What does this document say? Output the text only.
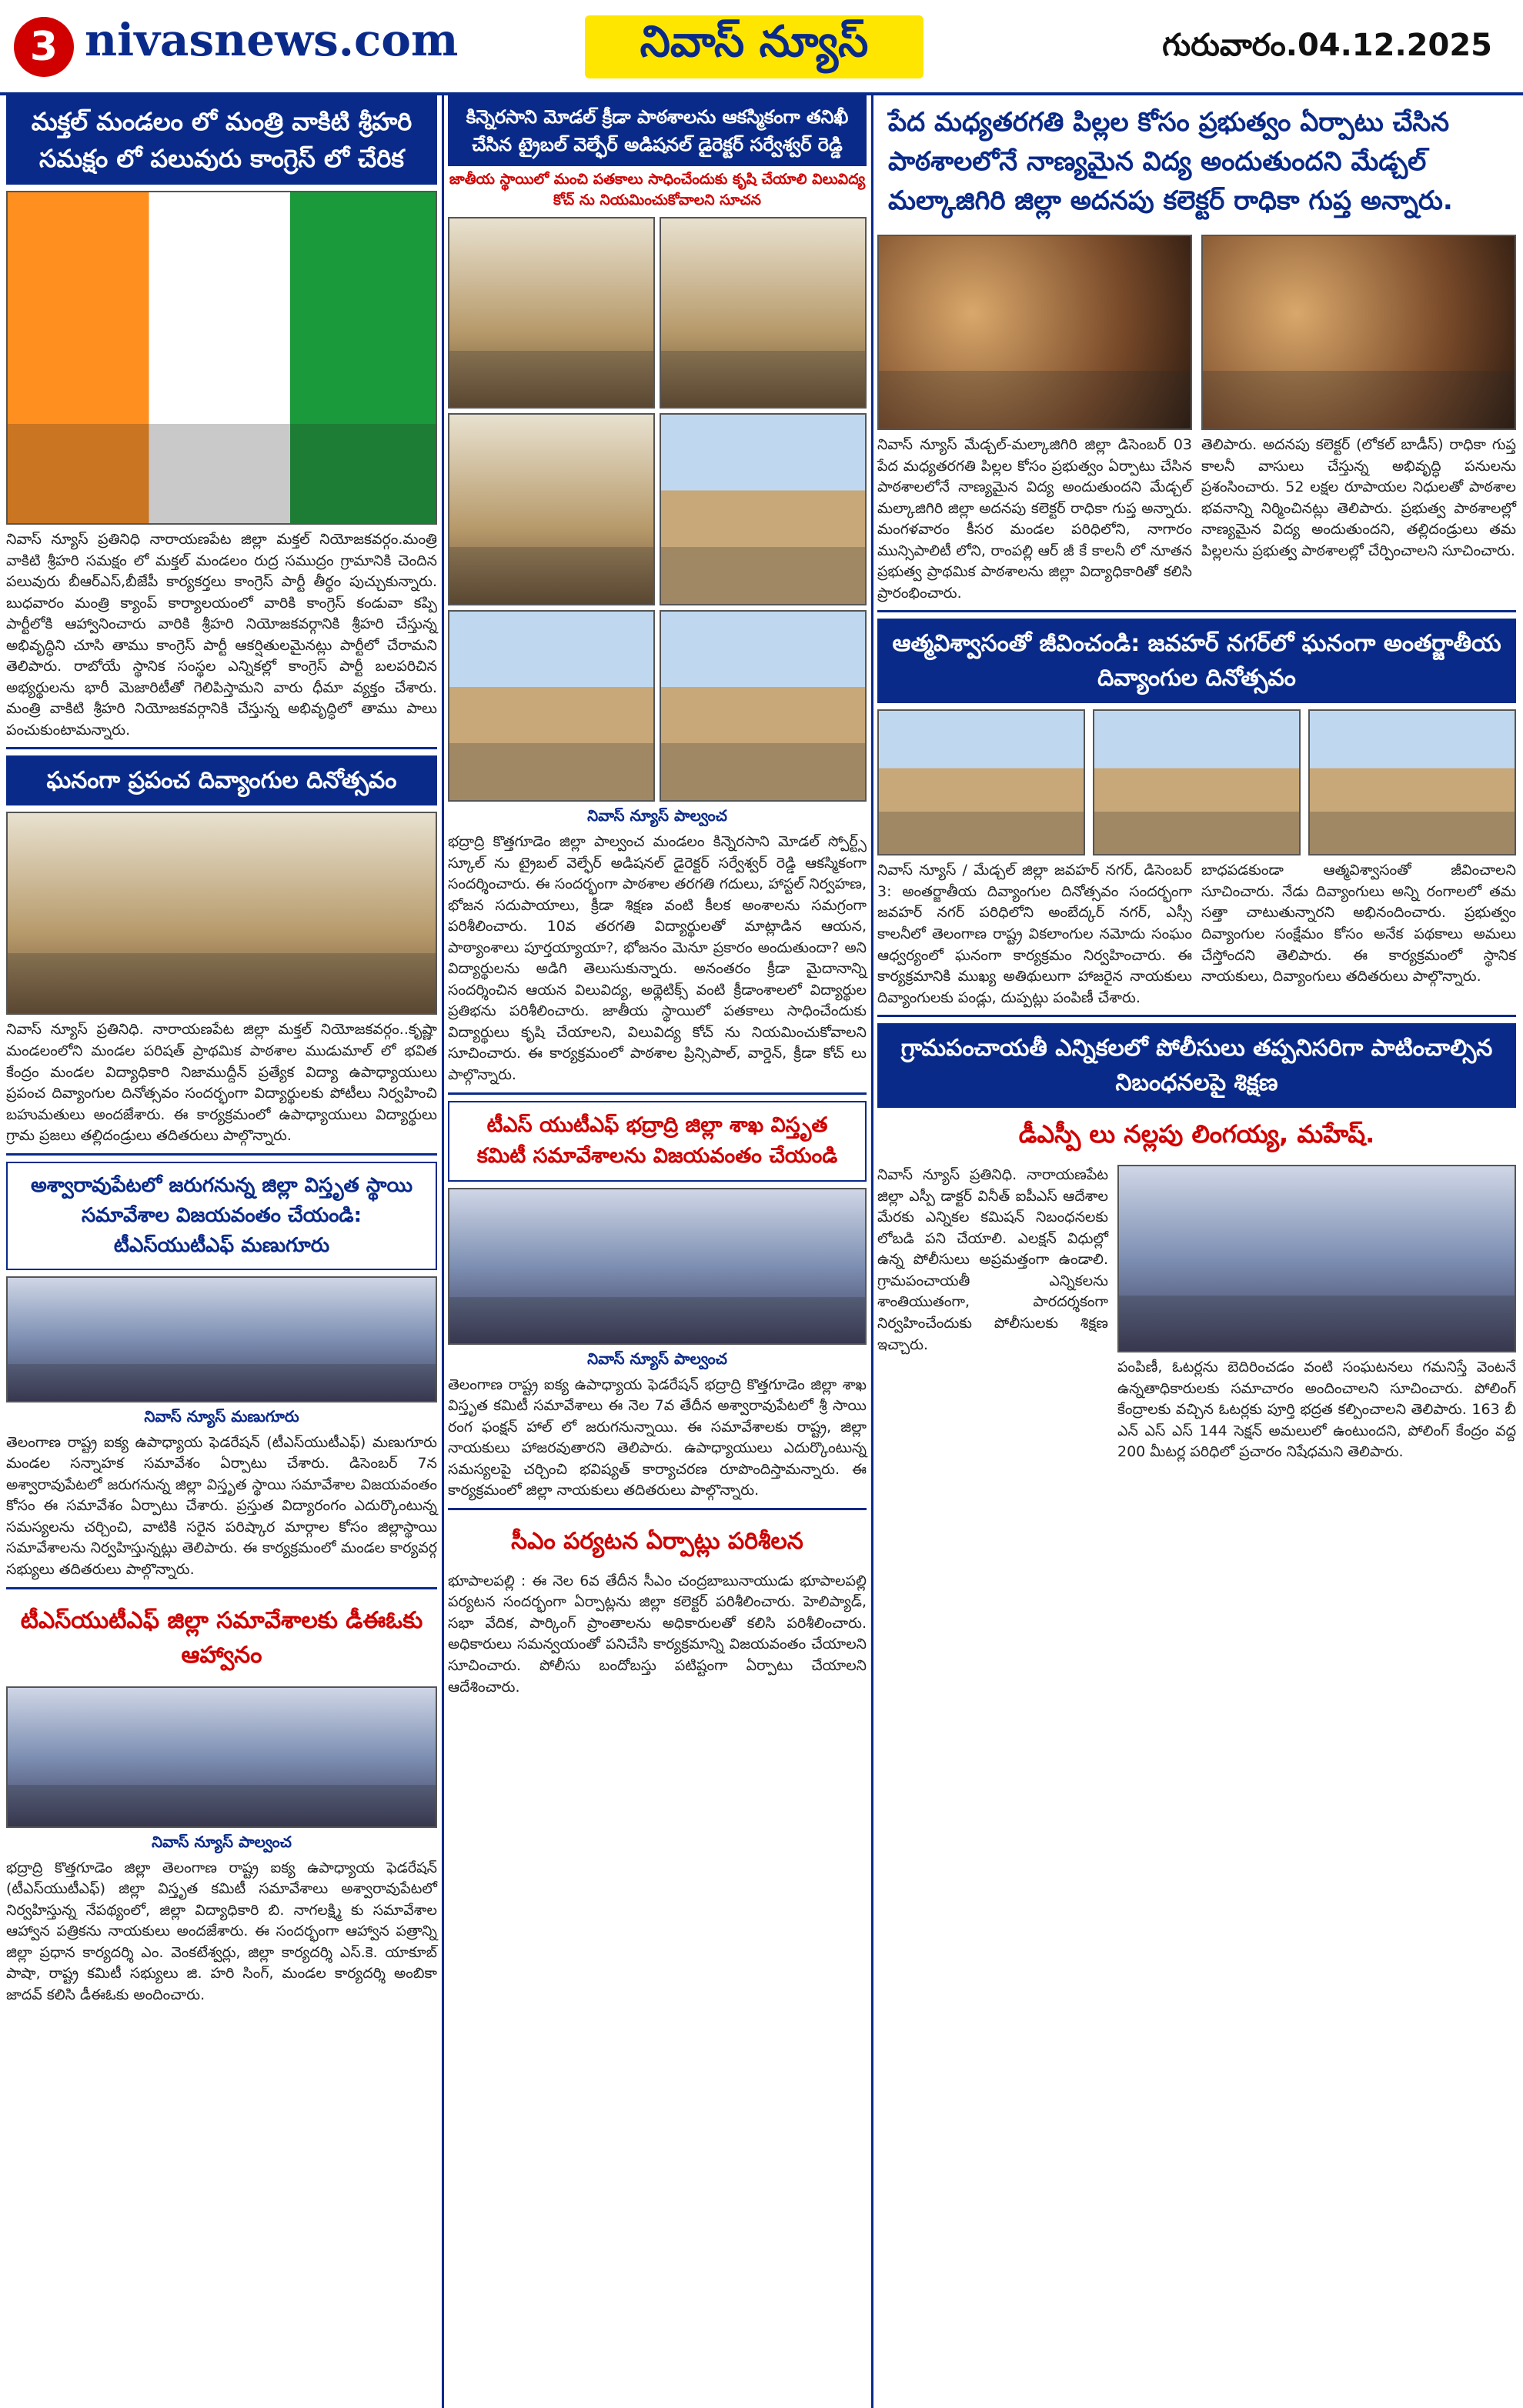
3 nivasnews.com	నివాస్ న్యూస్	గురువారం.04.12.2025
మక్తల్ మండలం లో మంత్రి వాకిటి శ్రీహరి సమక్షం లో పలువురు కాంగ్రెస్ లో చేరిక
నివాస్ న్యూస్ ప్రతినిధి నారాయణపేట జిల్లా మక్తల్ నియోజకవర్గం.మంత్రి వాకిటి శ్రీహరి సమక్షం లో మక్తల్ మండలం రుద్ర సముద్రం గ్రామానికి చెందిన పలువురు బీఆర్ఎస్,బీజేపీ కార్యకర్తలు కాంగ్రెస్ పార్టీ తీర్థం పుచ్చుకున్నారు. బుధవారం మంత్రి క్యాంప్ కార్యాలయంలో వారికి కాంగ్రెస్ కండువా కప్పి పార్టీలోకి ఆహ్వానించారు వారికి శ్రీహరి నియోజకవర్గానికి శ్రీహరి చేస్తున్న అభివృద్ధిని చూసి తాము కాంగ్రెస్ పార్టీ ఆకర్షితులమైనట్లు పార్టీలో చేరామని తెలిపారు. రాబోయే స్థానిక సంస్థల ఎన్నికల్లో కాంగ్రెస్ పార్టీ బలపరిచిన అభ్యర్థులను భారీ మెజారిటీతో గెలిపిస్తామని వారు ధీమా వ్యక్తం చేశారు. మంత్రి వాకిటి శ్రీహరి నియోజకవర్గానికి చేస్తున్న అభివృద్ధిలో తాము పాలు పంచుకుంటామన్నారు.
ఘనంగా ప్రపంచ దివ్యాంగుల దినోత్సవం
నివాస్ న్యూస్ ప్రతినిధి. నారాయణపేట జిల్లా మక్తల్ నియోజకవర్గం..కృష్ణా మండలంలోని మండల పరిషత్ ప్రాథమిక పాఠశాల ముడుమాల్ లో భవిత కేంద్రం మండల విద్యాధికారి నిజాముద్దీన్ ప్రత్యేక విద్యా ఉపాధ్యాయులు ప్రపంచ దివ్యాంగుల దినోత్సవం సందర్భంగా విద్యార్థులకు పోటీలు నిర్వహించి బహుమతులు అందజేశారు. ఈ కార్యక్రమంలో ఉపాధ్యాయులు విద్యార్థులు గ్రామ ప్రజలు తల్లిదండ్రులు తదితరులు పాల్గొన్నారు.
అశ్వారావుపేటలో జరుగనున్న జిల్లా విస్తృత స్థాయి సమావేశాల విజయవంతం చేయండి: టీఎస్‌యుటీఎఫ్ మణుగూరు
నివాస్ న్యూస్ మణుగూరు
తెలంగాణ రాష్ట్ర ఐక్య ఉపాధ్యాయ ఫెడరేషన్ (టీఎస్‌యుటీఎఫ్) మణుగూరు మండల సన్నాహక సమావేశం ఏర్పాటు చేశారు. డిసెంబర్ 7న అశ్వారావుపేటలో జరుగనున్న జిల్లా విస్తృత స్థాయి సమావేశాల విజయవంతం కోసం ఈ సమావేశం ఏర్పాటు చేశారు. ప్రస్తుత విద్యారంగం ఎదుర్కొంటున్న సమస్యలను చర్చించి, వాటికి సరైన పరిష్కార మార్గాల కోసం జిల్లాస్థాయి సమావేశాలను నిర్వహిస్తున్నట్లు తెలిపారు. ఈ కార్యక్రమంలో మండల కార్యవర్గ సభ్యులు తదితరులు పాల్గొన్నారు.
టీఎస్‌యుటీఎఫ్ జిల్లా సమావేశాలకు డీఈఓకు ఆహ్వానం
నివాస్ న్యూస్ పాల్వంచ
భద్రాద్రి కొత్తగూడెం జిల్లా తెలంగాణ రాష్ట్ర ఐక్య ఉపాధ్యాయ ఫెడరేషన్ (టీఎస్‌యుటీఎఫ్) జిల్లా విస్తృత కమిటీ సమావేశాలు అశ్వారావుపేటలో నిర్వహిస్తున్న నేపథ్యంలో, జిల్లా విద్యాధికారి బి. నాగలక్ష్మి కు సమావేశాల ఆహ్వాన పత్రికను నాయకులు అందజేశారు. ఈ సందర్భంగా ఆహ్వాన పత్రాన్ని జిల్లా ప్రధాన కార్యదర్శి ఎం. వెంకటేశ్వర్లు, జిల్లా కార్యదర్శి ఎస్.కె. యాకూబ్ పాషా, రాష్ట్ర కమిటీ సభ్యులు జి. హరి సింగ్, మండల కార్యదర్శి అంబికా జాదవ్ కలిసి డీఈఓకు అందించారు.
కిన్నెరసాని మోడల్ క్రీడా పాఠశాలను ఆకస్మికంగా తనిఖీ చేసిన ట్రైబల్ వెల్ఫేర్ అడిషనల్ డైరెక్టర్ సర్వేశ్వర్ రెడ్డి
జాతీయ స్థాయిలో మంచి పతకాలు సాధించేందుకు కృషి చేయాలి విలువిద్య కోచ్ ను నియమించుకోవాలని సూచన
నివాస్ న్యూస్ పాల్వంచ
భద్రాద్రి కొత్తగూడెం జిల్లా పాల్వంచ మండలం కిన్నెరసాని మోడల్ స్పోర్ట్స్ స్కూల్ ను ట్రైబల్ వెల్ఫేర్ అడిషనల్ డైరెక్టర్ సర్వేశ్వర్ రెడ్డి ఆకస్మికంగా సందర్శించారు. ఈ సందర్భంగా పాఠశాల తరగతి గదులు, హాస్టల్ నిర్వహణ, భోజన సదుపాయాలు, క్రీడా శిక్షణ వంటి కీలక అంశాలను సమగ్రంగా పరిశీలించారు. 10వ తరగతి విద్యార్థులతో మాట్లాడిన ఆయన, పాఠ్యాంశాలు పూర్తయ్యాయా?, భోజనం మెనూ ప్రకారం అందుతుందా? అని విద్యార్థులను అడిగి తెలుసుకున్నారు. అనంతరం క్రీడా మైదానాన్ని సందర్శించిన ఆయన విలువిద్య, అథ్లెటిక్స్ వంటి క్రీడాంశాలలో విద్యార్థుల ప్రతిభను పరిశీలించారు. జాతీయ స్థాయిలో పతకాలు సాధించేందుకు విద్యార్థులు కృషి చేయాలని, విలువిద్య కోచ్ ను నియమించుకోవాలని సూచించారు. ఈ కార్యక్రమంలో పాఠశాల ప్రిన్సిపాల్, వార్డెన్, క్రీడా కోచ్ లు పాల్గొన్నారు.
టీఎస్ యుటీఎఫ్ భద్రాద్రి జిల్లా శాఖ విస్తృత కమిటీ సమావేశాలను విజయవంతం చేయండి
నివాస్ న్యూస్ పాల్వంచ
తెలంగాణ రాష్ట్ర ఐక్య ఉపాధ్యాయ ఫెడరేషన్ భద్రాద్రి కొత్తగూడెం జిల్లా శాఖ విస్తృత కమిటీ సమావేశాలు ఈ నెల 7వ తేదీన అశ్వారావుపేటలో శ్రీ సాయి రంగ ఫంక్షన్ హాల్ లో జరుగనున్నాయి. ఈ సమావేశాలకు రాష్ట్ర, జిల్లా నాయకులు హాజరవుతారని తెలిపారు. ఉపాధ్యాయులు ఎదుర్కొంటున్న సమస్యలపై చర్చించి భవిష్యత్ కార్యాచరణ రూపొందిస్తామన్నారు. ఈ కార్యక్రమంలో జిల్లా నాయకులు తదితరులు పాల్గొన్నారు.
సీఎం పర్యటన ఏర్పాట్లు పరిశీలన
భూపాలపల్లి : ఈ నెల 6వ తేదీన సీఎం చంద్రబాబునాయుడు భూపాలపల్లి పర్యటన సందర్భంగా ఏర్పాట్లను జిల్లా కలెక్టర్ పరిశీలించారు. హెలిప్యాడ్, సభా వేదిక, పార్కింగ్ ప్రాంతాలను అధికారులతో కలిసి పరిశీలించారు. అధికారులు సమన్వయంతో పనిచేసి కార్యక్రమాన్ని విజయవంతం చేయాలని సూచించారు. పోలీసు బందోబస్తు పటిష్టంగా ఏర్పాటు చేయాలని ఆదేశించారు.
పేద మధ్యతరగతి పిల్లల కోసం ప్రభుత్వం ఏర్పాటు చేసిన పాఠశాలలోనే నాణ్యమైన విద్య అందుతుందని మేడ్చల్ మల్కాజిగిరి జిల్లా అదనపు కలెక్టర్ రాధికా గుప్త అన్నారు.
నివాస్ న్యూస్ మేడ్చల్-మల్కాజిగిరి జిల్లా డిసెంబర్ 03 పేద మధ్యతరగతి పిల్లల కోసం ప్రభుత్వం ఏర్పాటు చేసిన పాఠశాలలోనే నాణ్యమైన విద్య అందుతుందని మేడ్చల్ మల్కాజిగిరి జిల్లా అదనపు కలెక్టర్ రాధికా గుప్త అన్నారు. మంగళవారం కీసర మండల పరిధిలోని, నాగారం మున్సిపాలిటీ లోని, రాంపల్లి ఆర్ జీ కే కాలనీ లో నూతన ప్రభుత్వ ప్రాథమిక పాఠశాలను జిల్లా విద్యాధికారితో కలిసి ప్రారంభించారు.
తెలిపారు. అదనపు కలెక్టర్ (లోకల్ బాడీస్) రాధికా గుప్త కాలనీ వాసులు చేస్తున్న అభివృద్ధి పనులను ప్రశంసించారు. 52 లక్షల రూపాయల నిధులతో పాఠశాల భవనాన్ని నిర్మించినట్లు తెలిపారు. ప్రభుత్వ పాఠశాలల్లో నాణ్యమైన విద్య అందుతుందని, తల్లిదండ్రులు తమ పిల్లలను ప్రభుత్వ పాఠశాలల్లో చేర్పించాలని సూచించారు.
ఆత్మవిశ్వాసంతో జీవించండి: జవహర్ నగర్‌లో ఘనంగా అంతర్జాతీయ దివ్యాంగుల దినోత్సవం
నివాస్ న్యూస్ / మేడ్చల్ జిల్లా జవహర్ నగర్, డిసెంబర్ 3: అంతర్జాతీయ దివ్యాంగుల దినోత్సవం సందర్భంగా జవహర్ నగర్ పరిధిలోని అంబేద్కర్ నగర్, ఎస్సీ కాలనీలో తెలంగాణ రాష్ట్ర వికలాంగుల నమోదు సంఘం ఆధ్వర్యంలో ఘనంగా కార్యక్రమం నిర్వహించారు. ఈ కార్యక్రమానికి ముఖ్య అతిథులుగా హాజరైన నాయకులు దివ్యాంగులకు పండ్లు, దుప్పట్లు పంపిణీ చేశారు.
బాధపడకుండా ఆత్మవిశ్వాసంతో జీవించాలని సూచించారు. నేడు దివ్యాంగులు అన్ని రంగాలలో తమ సత్తా చాటుతున్నారని అభినందించారు. ప్రభుత్వం దివ్యాంగుల సంక్షేమం కోసం అనేక పథకాలు అమలు చేస్తోందని తెలిపారు. ఈ కార్యక్రమంలో స్థానిక నాయకులు, దివ్యాంగులు తదితరులు పాల్గొన్నారు.
గ్రామపంచాయతీ ఎన్నికలలో పోలీసులు తప్పనిసరిగా పాటించాల్సిన నిబంధనలపై శిక్షణ
డీఎస్పీ లు నల్లపు లింగయ్య, మహేష్.
నివాస్ న్యూస్ ప్రతినిధి. నారాయణపేట జిల్లా ఎస్పీ డాక్టర్ వినీత్ ఐపీఎస్ ఆదేశాల మేరకు ఎన్నికల కమిషన్ నిబంధనలకు లోబడి పని చేయాలి. ఎలక్షన్ విధుల్లో ఉన్న పోలీసులు అప్రమత్తంగా ఉండాలి. గ్రామపంచాయతీ ఎన్నికలను శాంతియుతంగా, పారదర్శకంగా నిర్వహించేందుకు పోలీసులకు శిక్షణ ఇచ్చారు.
పంపిణీ, ఓటర్లను బెదిరించడం వంటి సంఘటనలు గమనిస్తే వెంటనే ఉన్నతాధికారులకు సమాచారం అందించాలని సూచించారు. పోలింగ్ కేంద్రాలకు వచ్చిన ఓటర్లకు పూర్తి భద్రత కల్పించాలని తెలిపారు. 163 బీ ఎన్ ఎస్ ఎస్ 144 సెక్షన్ అమలులో ఉంటుందని, పోలింగ్ కేంద్రం వద్ద 200 మీటర్ల పరిధిలో ప్రచారం నిషేధమని తెలిపారు.
